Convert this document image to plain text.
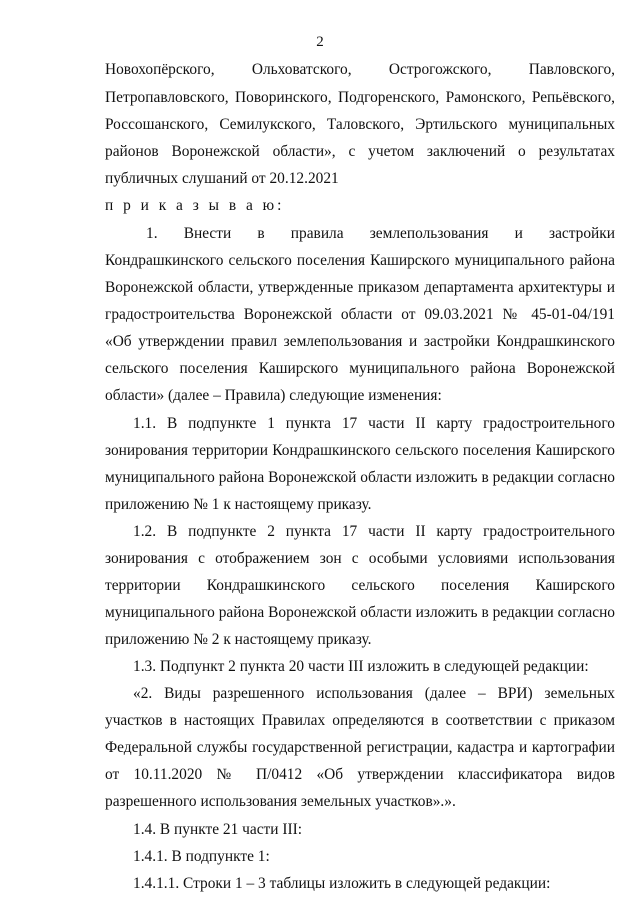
2
Новохопёрского, Ольховатского, Острогожского, Павловского,
Петропавловского, Поворинского, Подгоренского, Рамонского, Репьёвского,
Россошанского, Семилукского, Таловского, Эртильского муниципальных
районов Воронежской области», с учетом заключений о результатах
публичных слушаний от 20.12.2021
п р и к а з ы в а ю:
1. Внести в правила землепользования и застройки
Кондрашкинского сельского поселения Каширского муниципального района
Воронежской области, утвержденные приказом департамента архитектуры и
градостроительства Воронежской области от 09.03.2021 № 45-01-04/191
«Об утверждении правил землепользования и застройки Кондрашкинского
сельского поселения Каширского муниципального района Воронежской
области» (далее – Правила) следующие изменения:
1.1. В подпункте 1 пункта 17 части II карту градостроительного
зонирования территории Кондрашкинского сельского поселения Каширского
муниципального района Воронежской области изложить в редакции согласно
приложению № 1 к настоящему приказу.
1.2. В подпункте 2 пункта 17 части II карту градостроительного
зонирования с отображением зон с особыми условиями использования
территории Кондрашкинского сельского поселения Каширского
муниципального района Воронежской области изложить в редакции согласно
приложению № 2 к настоящему приказу.
1.3. Подпункт 2 пункта 20 части III изложить в следующей редакции:
«2. Виды разрешенного использования (далее – ВРИ) земельных
участков в настоящих Правилах определяются в соответствии с приказом
Федеральной службы государственной регистрации, кадастра и картографии
от 10.11.2020 № П/0412 «Об утверждении классификатора видов
разрешенного использования земельных участков».».
1.4. В пункте 21 части III:
1.4.1. В подпункте 1:
1.4.1.1. Строки 1 – 3 таблицы изложить в следующей редакции:
